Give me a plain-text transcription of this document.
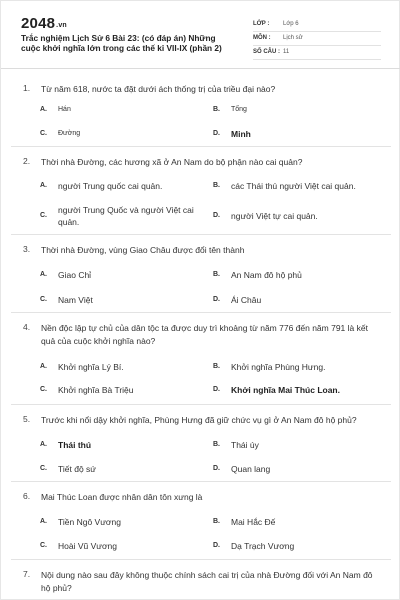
2048.vn
Trắc nghiệm Lịch Sử 6 Bài 23: (có đáp án) Những cuộc khởi nghĩa lớn trong các thế kỉ VII-IX (phần 2)
LỚP : Lớp 6
MÔN : Lịch sử
SỐ CÂU : 11
1. Từ năm 618, nước ta đặt dưới ách thống trị của triều đại nào?
A. Hán	B. Tống
C. Đường	D. Minh
2. Thời nhà Đường, các hương xã ở An Nam do bộ phận nào cai quản?
A. người Trung quốc cai quản.	B. các Thái thú người Việt cai quản.
C.
người Trung Quốc và người Việt cai quản.
D. người Việt tự cai quản.
3. Thời nhà Đường, vùng Giao Châu được đổi tên thành
A. Giao Chỉ	B. An Nam đô hộ phủ
C. Nam Việt	D. Ái Châu
4. Nền độc lập tự chủ của dân tộc ta được duy trì khoảng từ năm 776 đến năm 791 là kết quả của cuộc khởi nghĩa nào?
A. Khởi nghĩa Lý Bí.	B. Khởi nghĩa Phùng Hưng.
C. Khởi nghĩa Bà Triệu	D. Khởi nghĩa Mai Thúc Loan.
5. Trước khi nổi dậy khởi nghĩa, Phùng Hưng đã giữ chức vụ gì ở An Nam đô hộ phủ?
A. Thái thú	B. Thái úy
C. Tiết độ sứ	D. Quan lang
6. Mai Thúc Loan được nhân dân tôn xưng là
A. Tiền Ngô Vương	B. Mai Hắc Đế
C. Hoài Vũ Vương	D. Dạ Trạch Vương
7. Nội dung nào sau đây không thuộc chính sách cai trị của nhà Đường đối với An Nam đô hộ phủ?
